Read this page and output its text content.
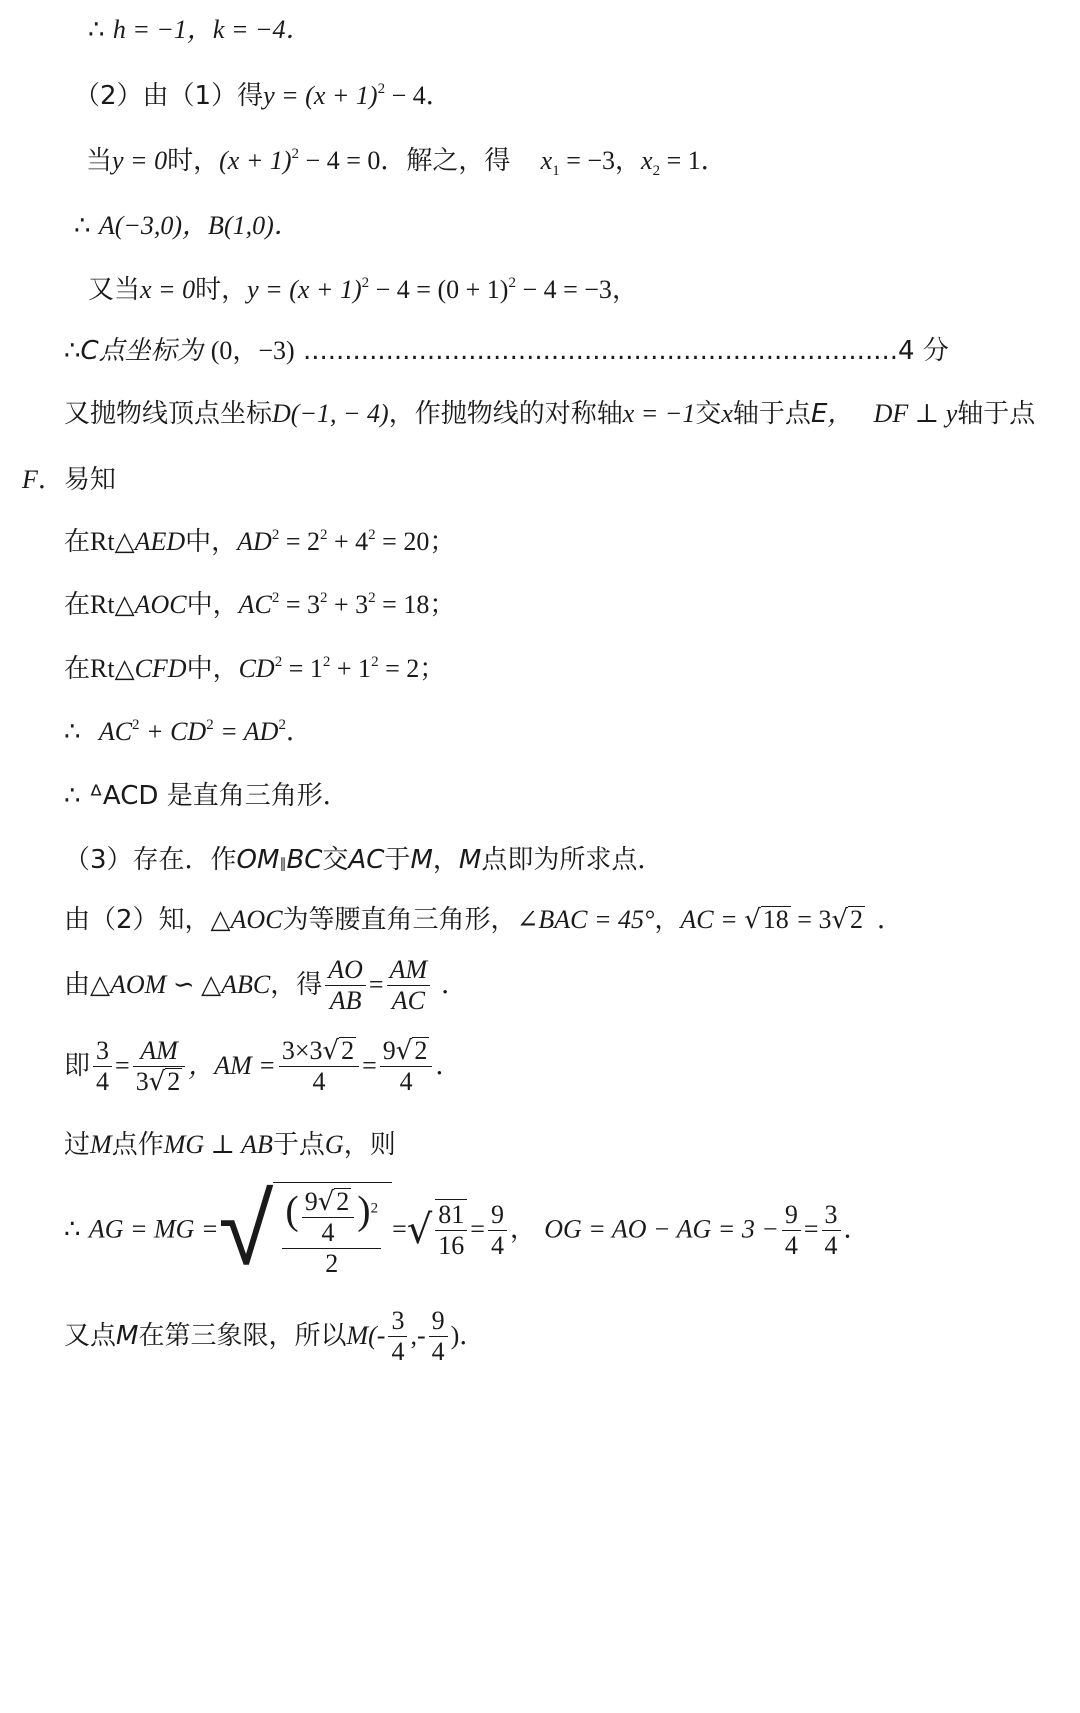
∴ h = −1，k = −4．
（2）由（1）得$y = (x + 1)^2 - 4$．
当y = 0时，$(x + 1)^2 - 4 = 0$．解之，得 $x_1 = -3$，$x_2 = 1$．
∴ A(−3,0)，B(1,0)．
又当x = 0时，$y = (x + 1)^2 - 4 = (0 + 1)^2 - 4 = -3$，
∴C点坐标为 (0，−3) ........................................................................4 分
又抛物线顶点坐标D(−1, − 4)，作抛物线的对称轴x = −1交x轴于点E， DF ⊥ y轴于点
F．易知
在Rt△AED中，$AD^2 = 2^2 + 4^2 = 20$；
在Rt△AOC中，$AC^2 = 3^2 + 3^2 = 18$；
在Rt△CFD中，$CD^2 = 1^2 + 1^2 = 2$；
∴ $AC^2 + CD^2 = AD^2$．
∴ ᐞACD 是直角三角形．
（3）存在．作OM∥BC交AC于M，M点即为所求点．
由（2）知，△AOC为等腰直角三角形，∠BAC = 45°，AC = √18 = 3√2 ．
由△AOM ∽ △ABC，得 $\frac{AO}{AB} = \frac{AM}{AC}$ ．
即 $\frac{3}{4} = \frac{AM}{3√2}$ ，AM = $\frac{3\times 3√2}{4} = \frac{9√2}{4}$ ．
过M点作MG ⊥ AB于点G，则
∴ AG = MG =√ $\frac{( \frac{9√2}{4} )^2}{2}$ =√ $\frac{81}{16} = \frac{9}{4}$ ， OG = AO − AG = $3 - \frac{9}{4} = \frac{3}{4}$ ．
又点M在第三象限，所以$M(- \frac{3}{4}$ ,- $\frac{9}{4}$ )．
